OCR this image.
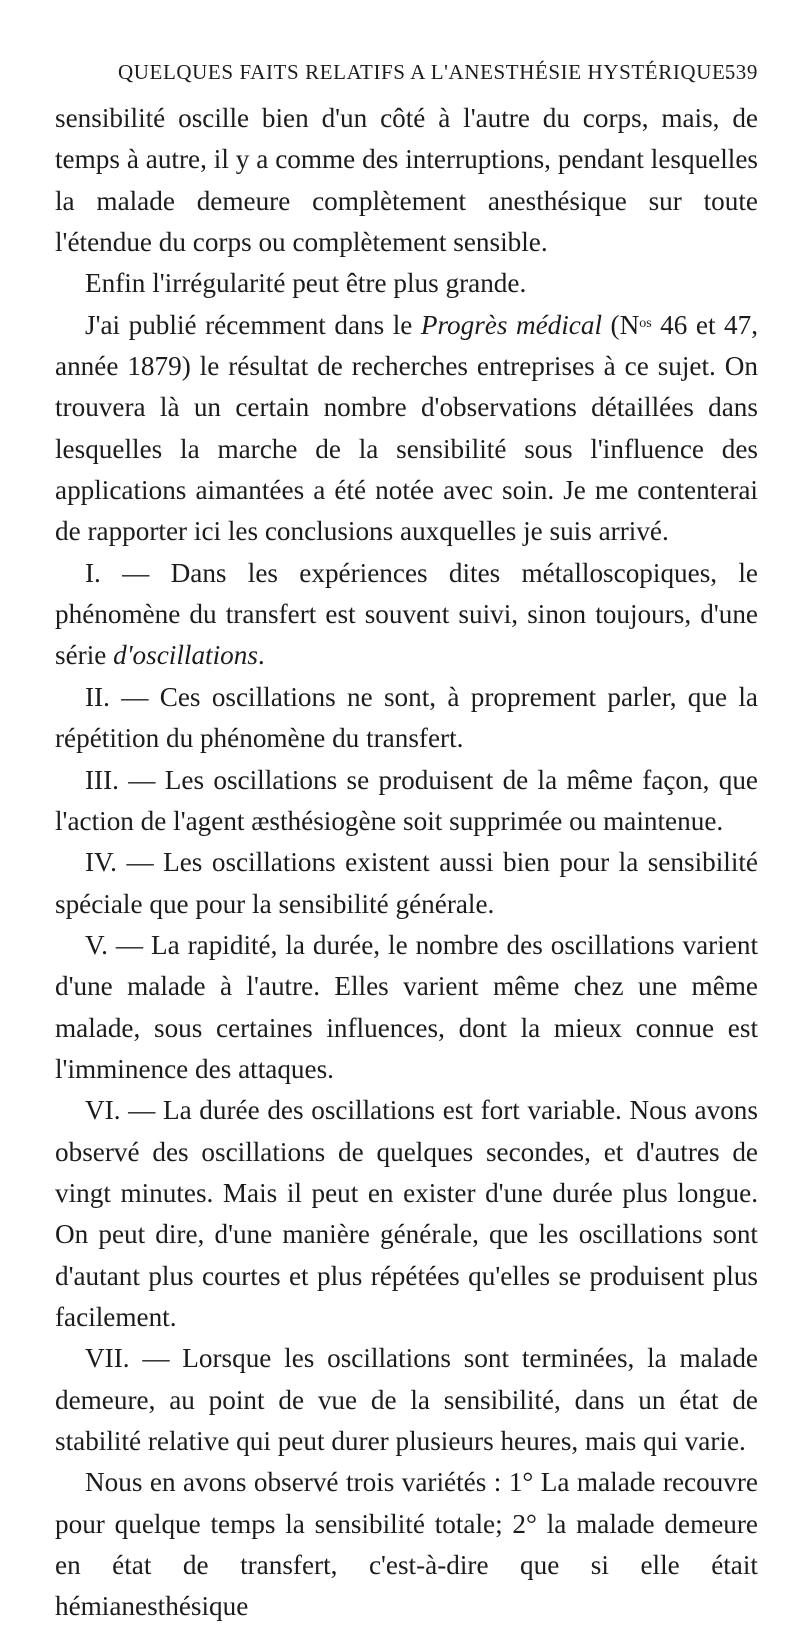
QUELQUES FAITS RELATIFS A L'ANESTHÉSIE HYSTÉRIQUE.
539

sensibilité oscille bien d'un côté à l'autre du corps, mais, de temps à autre, il y a comme des interruptions, pendant lesquelles la malade demeure complètement anesthésique sur toute l'étendue du corps ou complètement sensible.

Enfin l'irrégularité peut être plus grande.

J'ai publié récemment dans le Progrès médical ($N^{os}$ 46 et 47, année 1879) le résultat de recherches entreprises à ce sujet. On trouvera là un certain nombre d'observations détaillées dans lesquelles la marche de la sensibilité sous l'influence des applications aimantées a été notée avec soin. Je me contenterai de rapporter ici les conclusions auxquelles je suis arrivé.

I. — Dans les expériences dites métalloscopiques, le phénomène du transfert est souvent suivi, sinon toujours, d'une série d'oscillations.

II. — Ces oscillations ne sont, à proprement parler, que la répétition du phénomène du transfert.

III. — Les oscillations se produisent de la même façon, que l'action de l'agent æsthésiogène soit supprimée ou maintenue.

IV. — Les oscillations existent aussi bien pour la sensibilité spéciale que pour la sensibilité générale.

V. — La rapidité, la durée, le nombre des oscillations varient d'une malade à l'autre. Elles varient même chez une même malade, sous certaines influences, dont la mieux connue est l'imminence des attaques.

VI. — La durée des oscillations est fort variable. Nous avons observé des oscillations de quelques secondes, et d'autres de vingt minutes. Mais il peut en exister d'une durée plus longue. On peut dire, d'une manière générale, que les oscillations sont d'autant plus courtes et plus répétées qu'elles se produisent plus facilement.

VII. — Lorsque les oscillations sont terminées, la malade demeure, au point de vue de la sensibilité, dans un état de stabilité relative qui peut durer plusieurs heures, mais qui varie.

Nous en avons observé trois variétés : 1° La malade recouvre pour quelque temps la sensibilité totale; 2° la malade demeure en état de transfert, c'est-à-dire que si elle était hémianesthésique
